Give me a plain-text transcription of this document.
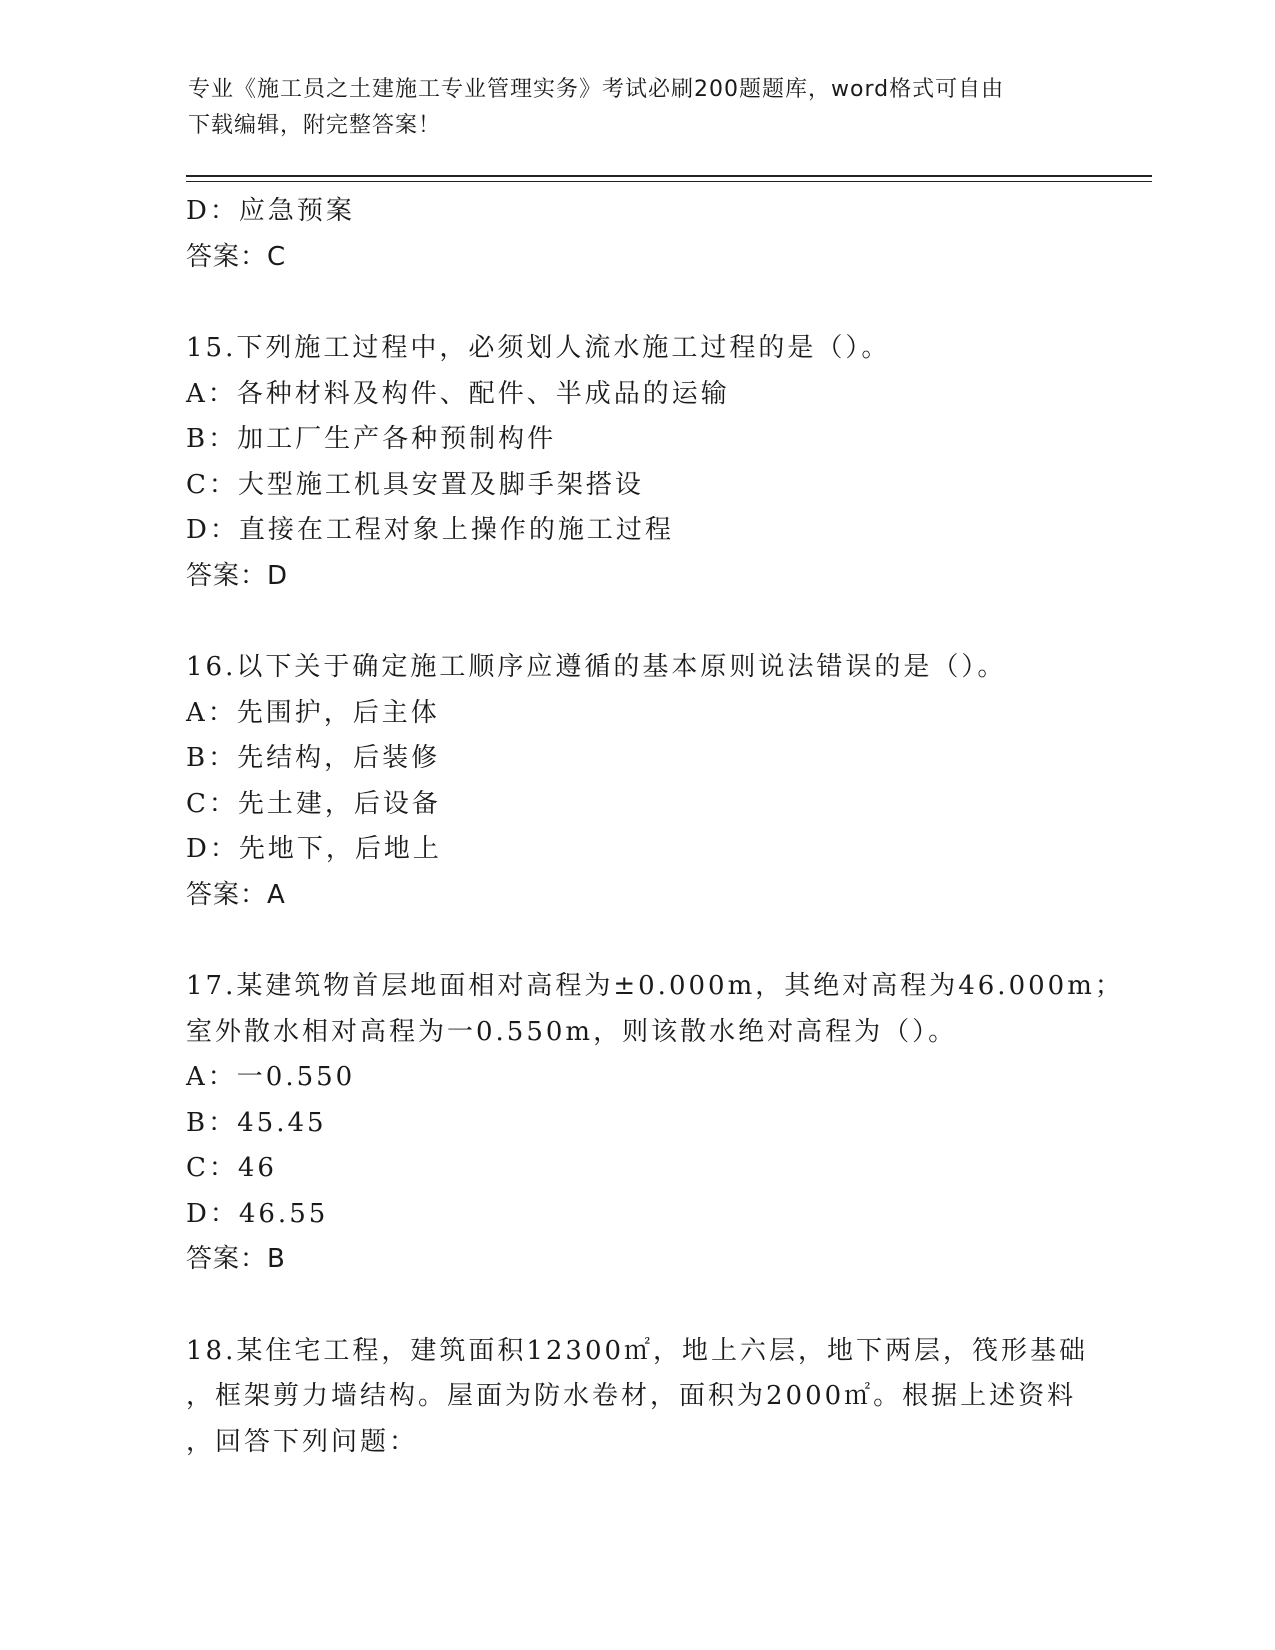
专业《施工员之土建施工专业管理实务》考试必刷200题题库，word格式可自由
下载编辑，附完整答案！
D：应急预案
答案：C
15.下列施工过程中，必须划人流水施工过程的是（）。
A：各种材料及构件、配件、半成品的运输
B：加工厂生产各种预制构件
C：大型施工机具安置及脚手架搭设
D：直接在工程对象上操作的施工过程
答案：D
16.以下关于确定施工顺序应遵循的基本原则说法错误的是（）。
A：先围护，后主体
B：先结构，后装修
C：先土建，后设备
D：先地下，后地上
答案：A
17.某建筑物首层地面相对高程为±0.000m，其绝对高程为46.000m；
室外散水相对高程为一0.550m，则该散水绝对高程为（）。
A：一0.550
B：45.45
C：46
D：46.55
答案：B
18.某住宅工程，建筑面积12300㎡，地上六层，地下两层，筏形基础
，框架剪力墙结构。屋面为防水卷材，面积为2000㎡。根据上述资料
，回答下列问题：
